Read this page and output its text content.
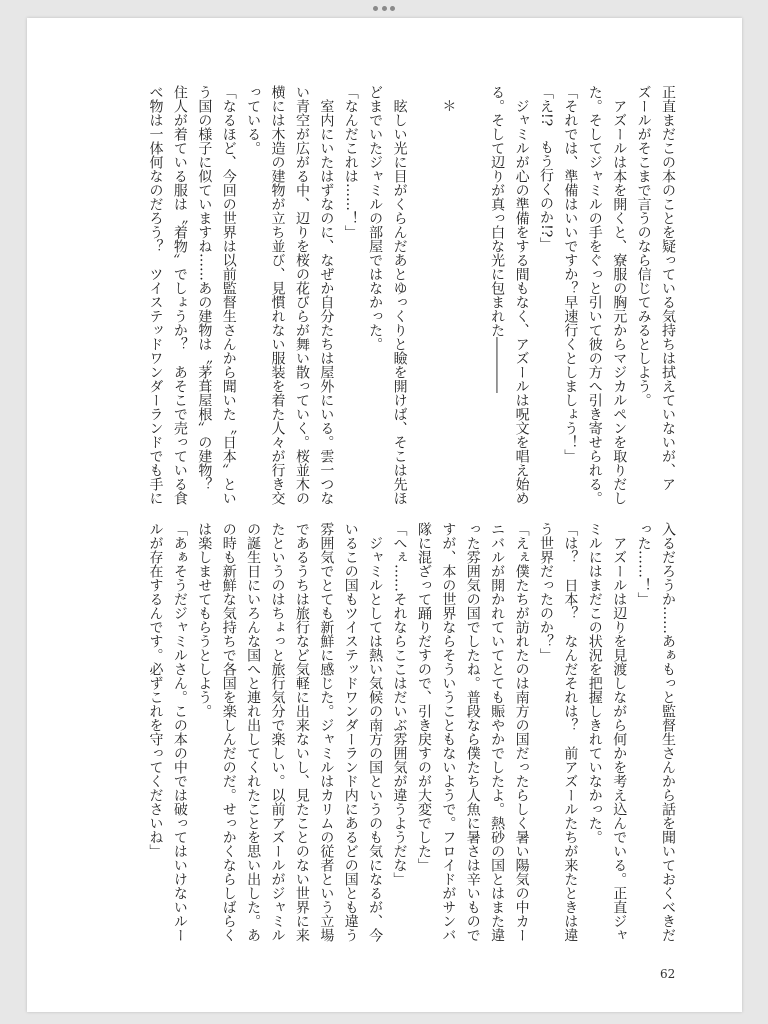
正直まだこの本のことを疑っている気持ちは拭えていないが、ア

ズールがそこまで言うのなら信じてみるとしよう。

　アズールは本を開くと、寮服の胸元からマジカルペンを取りだし

た。そしてジャミルの手をぐっと引いて彼の方へ引き寄せられる。

「それでは、準備はいいですか？早速行くとしましょう！」

「え!?　もう行くのか!?」

　ジャミルが心の準備をする間もなく、アズールは呪文を唱え始め

る。そして辺りが真っ白な光に包まれた――――

＊

　眩しい光に目がくらんだあとゆっくりと瞼を開けば、そこは先ほ

どまでいたジャミルの部屋ではなかった。

「なんだこれは……！」

　室内にいたはずなのに、なぜか自分たちは屋外にいる。雲一つな

い青空が広がる中、辺りを桜の花びらが舞い散っていく。桜並木の

横には木造の建物が立ち並び、見慣れない服装を着た人々が行き交

っている。

「なるほど、今回の世界は以前監督生さんから聞いた〝日本〟とい

う国の様子に似ていますね……あの建物は〝茅葺屋根〟の建物？

住人が着ている服は〝着物〟でしょうか？　あそこで売っている食

べ物は一体何なのだろう？　ツイステッドワンダーランドでも手に

入るだろうか……あぁもっと監督生さんから話を聞いておくべきだ

った……！」

　アズールは辺りを見渡しながら何かを考え込んでいる。正直ジャ

ミルにはまだこの状況を把握しきれていなかった。

「は？　日本？　なんだそれは？　前アズールたちが来たときは違

う世界だったのか？」

「えぇ僕たちが訪れたのは南方の国だったらしく暑い陽気の中カー

ニバルが開かれていてとても賑やかでしたよ。熱砂の国とはまた違

った雰囲気の国でしたね。普段なら僕たち人魚に暑さは辛いもので

すが、本の世界ならそういうこともないようで。フロイドがサンバ

隊に混ざって踊りだすので、引き戻すのが大変でした」

「へぇ……それならここはだいぶ雰囲気が違うようだな」

　ジャミルとしては熱い気候の南方の国というのも気になるが、今

いるこの国もツイステッドワンダーランド内にあるどの国とも違う

雰囲気でとても新鮮に感じた。ジャミルはカリムの従者という立場

であるうちは旅行など気軽に出来ないし、見たことのない世界に来

たというのはちょっと旅行気分で楽しい。以前アズールがジャミル

の誕生日にいろんな国へと連れ出してくれたことを思い出した。あ

の時も新鮮な気持ちで各国を楽しんだのだ。せっかくならしばらく

は楽しませてもらうとしよう。

「あぁそうだジャミルさん。この本の中では破ってはいけないルー

ルが存在するんです。必ずこれを守ってくださいね」

62
